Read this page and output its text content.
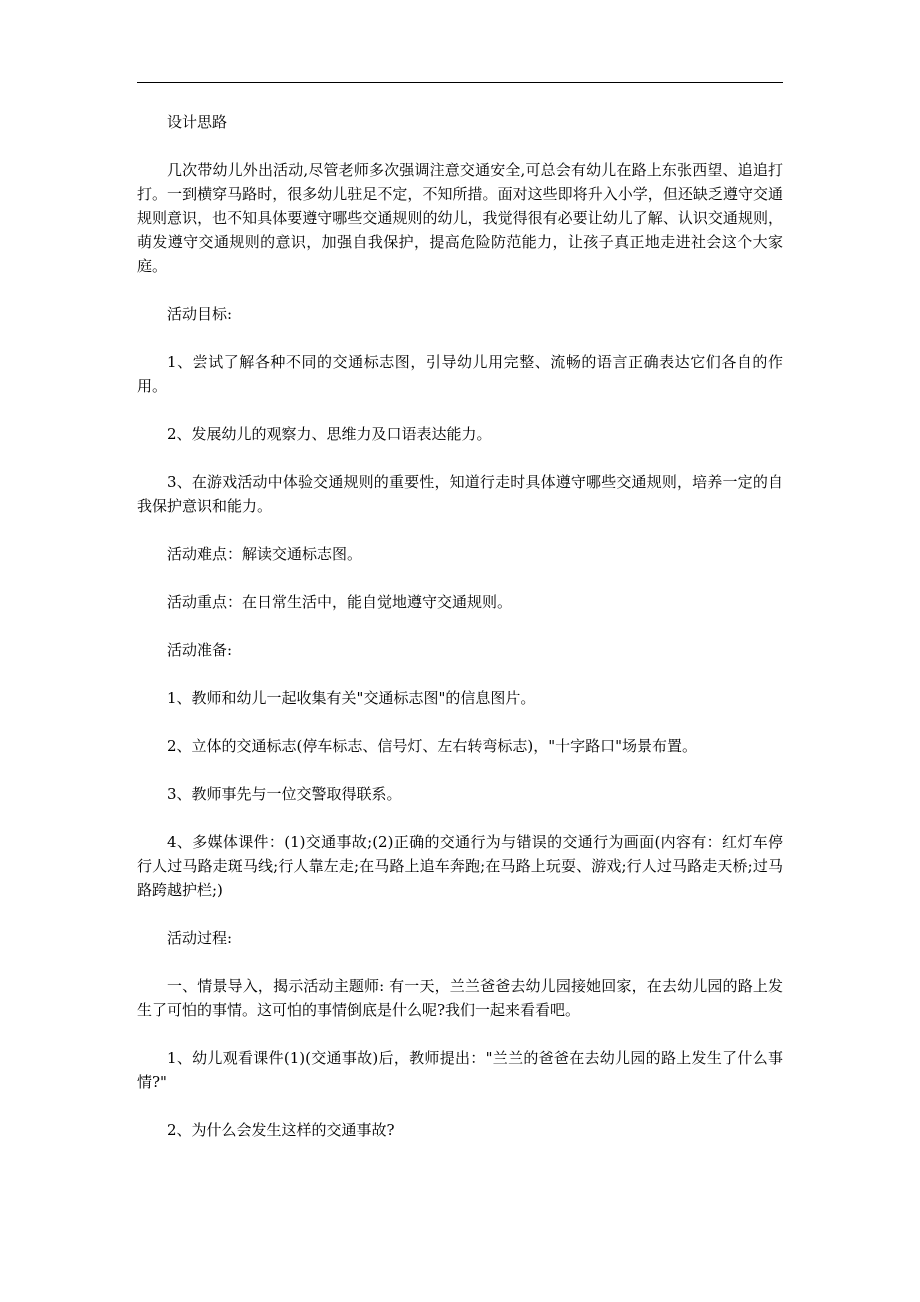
设计思路

几次带幼儿外出活动,尽管老师多次强调注意交通安全,可总会有幼儿在路上东张西望、追追打打。一到横穿马路时，很多幼儿驻足不定，不知所措。面对这些即将升入小学，但还缺乏遵守交通规则意识，也不知具体要遵守哪些交通规则的幼儿，我觉得很有必要让幼儿了解、认识交通规则，萌发遵守交通规则的意识，加强自我保护，提高危险防范能力，让孩子真正地走进社会这个大家庭。

活动目标:

1、尝试了解各种不同的交通标志图，引导幼儿用完整、流畅的语言正确表达它们各自的作用。

2、发展幼儿的观察力、思维力及口语表达能力。

3、在游戏活动中体验交通规则的重要性，知道行走时具体遵守哪些交通规则，培养一定的自我保护意识和能力。

活动难点：解读交通标志图。

活动重点：在日常生活中，能自觉地遵守交通规则。

活动准备:

1、教师和幼儿一起收集有关"交通标志图"的信息图片。

2、立体的交通标志(停车标志、信号灯、左右转弯标志)，"十字路口"场景布置。

3、教师事先与一位交警取得联系。

4、多媒体课件：(1)交通事故;(2)正确的交通行为与错误的交通行为画面(内容有：红灯车停行人过马路走斑马线;行人靠左走;在马路上追车奔跑;在马路上玩耍、游戏;行人过马路走天桥;过马路跨越护栏;)

活动过程:

一、情景导入，揭示活动主题师: 有一天，兰兰爸爸去幼儿园接她回家，在去幼儿园的路上发生了可怕的事情。这可怕的事情倒底是什么呢?我们一起来看看吧。

1、幼儿观看课件(1)(交通事故)后，教师提出："兰兰的爸爸在去幼儿园的路上发生了什么事情?"

2、为什么会发生这样的交通事故?
